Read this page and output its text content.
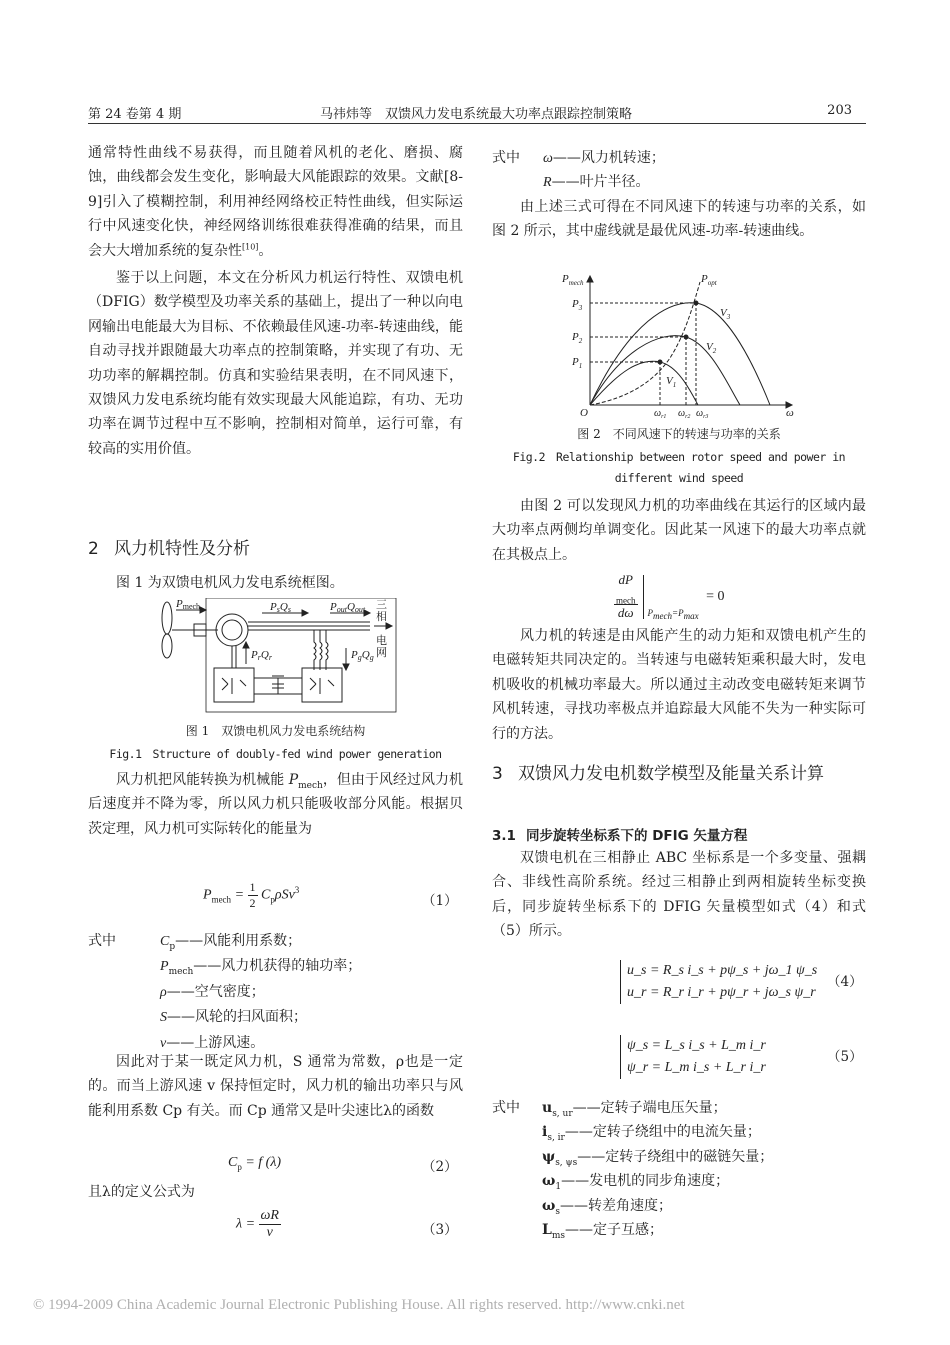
第 24 卷第 4 期	马祎炜等　双馈风力发电系统最大功率点跟踪控制策略	203

通常特性曲线不易获得，而且随着风机的老化、磨损、腐蚀，曲线都会发生变化，影响最大风能跟踪的效果。文献[8-9]引入了模糊控制，利用神经网络校正特性曲线，但实际运行中风速变化快，神经网络训练很难获得准确的结果，而且会大大增加系统的复杂性[10]。

鉴于以上问题，本文在分析风力机运行特性、双馈电机（DFIG）数学模型及功率关系的基础上，提出了一种以向电网输出电能最大为目标、不依赖最佳风速-功率-转速曲线，能自动寻找并跟随最大功率点的控制策略，并实现了有功、无功功率的解耦控制。仿真和实验结果表明，在不同风速下，双馈风力发电系统均能有效实现最大风能追踪，有功、无功功率在调节过程中互不影响，控制相对简单，运行可靠，有较高的实用价值。

2 风力机特性及分析

图 1 为双馈电机风力发电系统框图。

Pmech	PsQs	PoutQout
PrQr	PgQg
三
相
电
网
图 1　双馈电机风力发电系统结构
Fig.1　Structure of doubly-fed wind power generation

风力机把风能转换为机械能 $P_{mech}$，但由于风经过风力机后速度并不降为零，所以风力机只能吸收部分风能。根据贝茨定理，风力机可实际转化的能量为

$P_{mech} = \frac{1}{2} C_p\rho Sv^3$
（1）
式中	$C_p——$风能利用系数；
$P_{mech}——$风力机获得的轴功率；
ρ——空气密度；
S——风轮的扫风面积；
v——上游风速。

因此对于某一既定风力机，S 通常为常数，ρ也是一定的。而当上游风速 v 保持恒定时，风力机的输出功率只与风能利用系数 Cp 有关。而 Cp 通常又是叶尖速比λ的函数

$C_p = f$ (λ)	（2）

且λ的定义公式为

$\lambda = \frac{\omega R}{v}$	（3）
式中 ω——风力机转速；
R——叶片半径。

由上述三式可得在不同风速下的转速与功率的关系，如图 2 所示，其中虚线就是最优风速-功率-转速曲线。

$P_{mech}$	$P_{opt}$
$P_3$
$P_2$
$P_1$
$V_3$
$V_2$
$V_1$
O	ω
$\omega_{r1}$ $\omega_{r2}$ $\omega_{r3}$
图 2　不同风速下的转速与功率的关系
Fig.2　Relationship between rotor speed and power in
different wind speed

由图 2 可以发现风力机的功率曲线在其运行的区域内最大功率点两侧均单调变化。因此某一风速下的最大功率点就在其极点上。

dP
$_{mech}$
dω $_{P_{mech}=P_{max}}$ = 0

风力机的转速是由风能产生的动力矩和双馈电机产生的电磁转矩共同决定的。当转速与电磁转矩乘积最大时，发电机吸收的机械功率最大。所以通过主动改变电磁转矩来调节风机转速，寻找功率极点并追踪最大风能不失为一种实际可行的方法。

3 双馈风力发电机数学模型及能量关系计算
3.1 同步旋转坐标系下的 DFIG 矢量方程

双馈电机在三相静止 ABC 坐标系是一个多变量、强耦合、非线性高阶系统。经过三相静止到两相旋转坐标变换后，同步旋转坐标系下的 DFIG 矢量模型如式（4）和式（5）所示。

u_s = R_s i_s + pψ_s + jω_1 ψ_s
u_r = R_r i_r + pψ_r + jω_s ψ_r
（4）
ψ_s = L_s i_s + L_m i_r
ψ_r = L_m i_s + L_r i_r
（5）
式中	$u_{s, ur}——$定转子端电压矢量；
$i_{s, ir}——$定转子绕组中的电流矢量；
$\psi_{s, \psi s}——$定转子绕组中的磁链矢量；
$\omega_1——$发电机的同步角速度；
$\omega_s——$转差角速度；
$L_{ms}——$定子互感；
© 1994-2009 China Academic Journal Electronic Publishing House. All rights reserved. http://www.cnki.net
